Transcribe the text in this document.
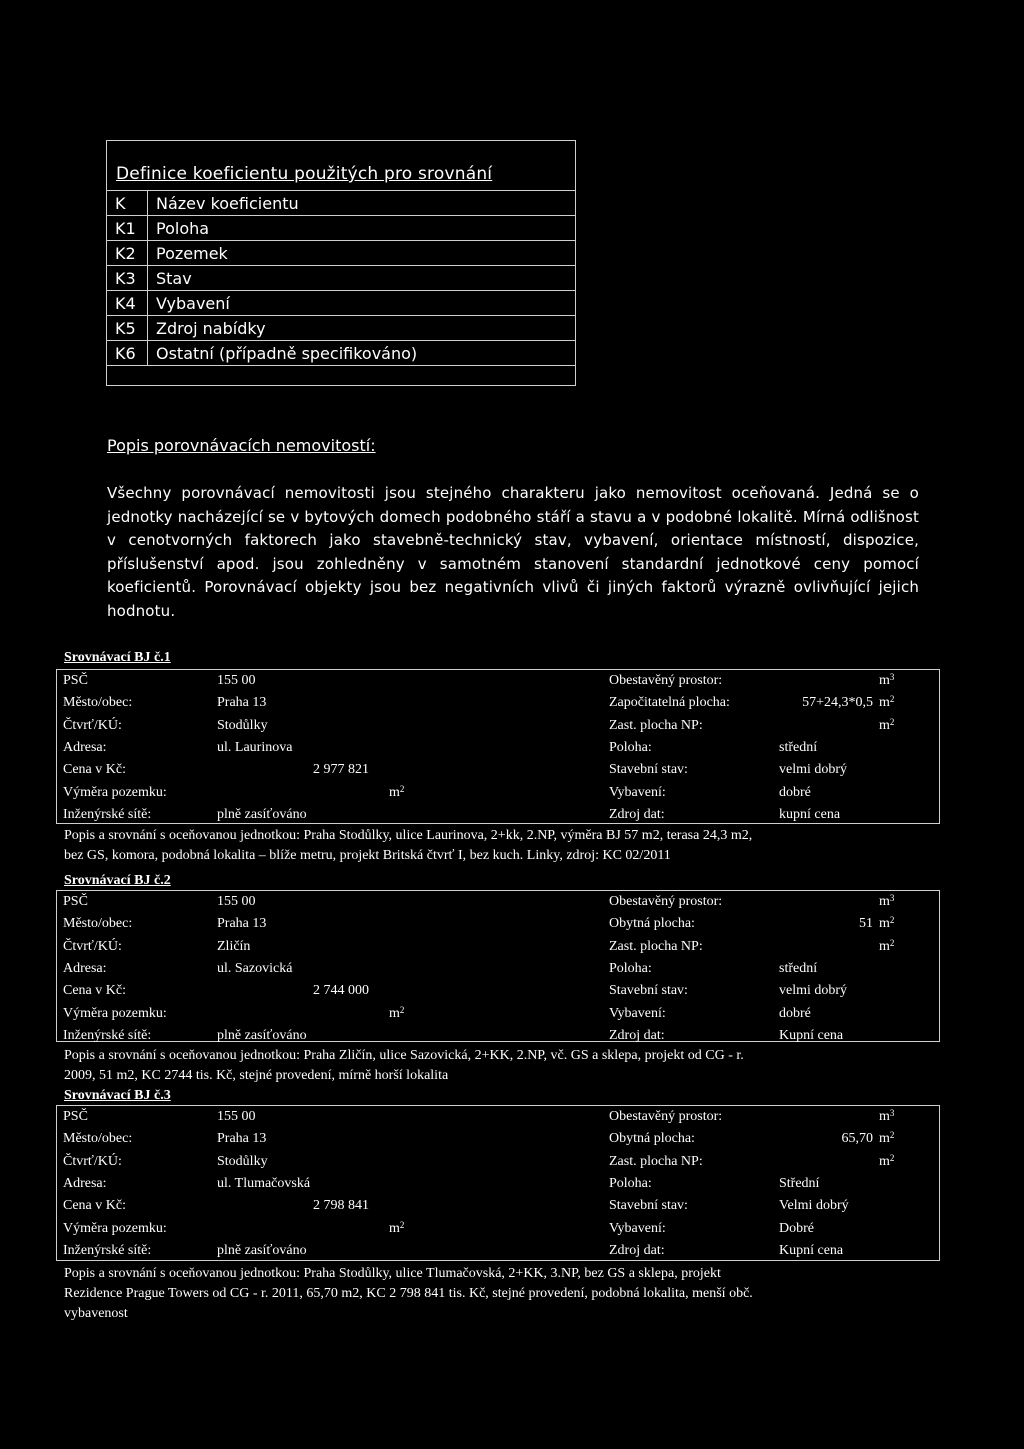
Definice koeficientu použitých pro srovnání
K	Název koeficientu
K1	Poloha
K2	Pozemek
K3	Stav
K4	Vybavení
K5	Zdroj nabídky
K6	Ostatní (případně specifikováno)
Popis porovnávacích nemovitostí:
Všechny porovnávací nemovitosti jsou stejného charakteru jako nemovitost oceňovaná. Jedná se o jednotky nacházející se v bytových domech podobného stáří a stavu a v podobné lokalitě. Mírná odlišnost v cenotvorných faktorech jako stavebně-technický stav, vybavení, orientace místností, dispozice, příslušenství apod. jsou zohledněny v samotném stanovení standardní jednotkové ceny pomocí koeficientů. Porovnávací objekty jsou bez negativních vlivů či jiných faktorů výrazně ovlivňující jejich hodnotu.
Srovnávací BJ č.1
PSČ	155 00	Obestavěný prostor:	$m^3$
Město/obec:	Praha 13	Započitatelná plocha:	57+24,3*0,5 $m^2$
Čtvrť/KÚ:	Stodůlky	Zast. plocha NP:	$m^2$
Adresa:	ul. Laurinova	Poloha:	střední
Cena v Kč:	2 977 821	Stavební stav:	velmi dobrý
Výměra pozemku:	$m^2$	Vybavení:	dobré
Inženýrské sítě:	plně zasíťováno	Zdroj dat:	kupní cena
Popis a srovnání s oceňovanou jednotkou: Praha Stodůlky, ulice Laurinova, 2+kk, 2.NP, výměra BJ 57 m2, terasa 24,3 m2,
bez GS, komora, podobná lokalita – blíže metru, projekt Britská čtvrť I, bez kuch. Linky, zdroj: KC 02/2011
Srovnávací BJ č.2
PSČ	155 00	Obestavěný prostor:	$m^3$
Město/obec:	Praha 13	Obytná plocha:	51 $m^2$
Čtvrť/KÚ:	Zličín	Zast. plocha NP:	$m^2$
Adresa:	ul. Sazovická	Poloha:	střední
Cena v Kč:	2 744 000	Stavební stav:	velmi dobrý
Výměra pozemku:	$m^2$	Vybavení:	dobré
Inženýrské sítě:	plně zasíťováno	Zdroj dat:	Kupní cena
Popis a srovnání s oceňovanou jednotkou: Praha Zličín, ulice Sazovická, 2+KK, 2.NP, vč. GS a sklepa, projekt od CG - r.
2009, 51 m2, KC 2744 tis. Kč, stejné provedení, mírně horší lokalita
Srovnávací BJ č.3
PSČ	155 00	Obestavěný prostor:	$m^3$
Město/obec:	Praha 13	Obytná plocha:	65,70 $m^2$
Čtvrť/KÚ:	Stodůlky	Zast. plocha NP:	$m^2$
Adresa:	ul. Tlumačovská	Poloha:	Střední
Cena v Kč:	2 798 841	Stavební stav:	Velmi dobrý
Výměra pozemku:	$m^2$	Vybavení:	Dobré
Inženýrské sítě:	plně zasíťováno	Zdroj dat:	Kupní cena
Popis a srovnání s oceňovanou jednotkou: Praha Stodůlky, ulice Tlumačovská, 2+KK, 3.NP, bez GS a sklepa, projekt
Rezidence Prague Towers od CG - r. 2011, 65,70 m2, KC 2 798 841 tis. Kč, stejné provedení, podobná lokalita, menší obč.
vybavenost
